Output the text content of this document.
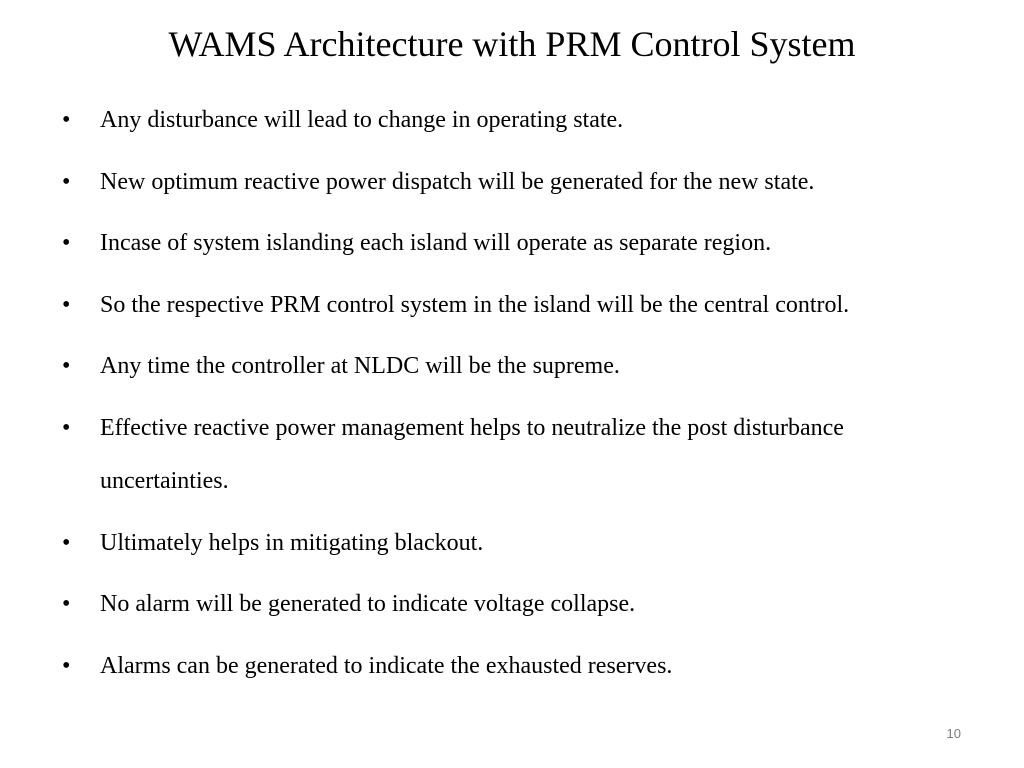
WAMS Architecture with PRM Control System
•	Any disturbance will lead to change in operating state.
•	New optimum reactive power dispatch will be generated for the new state.
•	Incase of system islanding each island will operate as separate region.
•	So the respective PRM control system in the island will be the central control.
•	Any time the controller at NLDC will be the supreme.
•	Effective reactive power management helps to neutralize the post disturbance uncertainties.
•	Ultimately helps in mitigating blackout.
•	No alarm will be generated to indicate voltage collapse.
•	Alarms can be generated to indicate the exhausted reserves.
10
